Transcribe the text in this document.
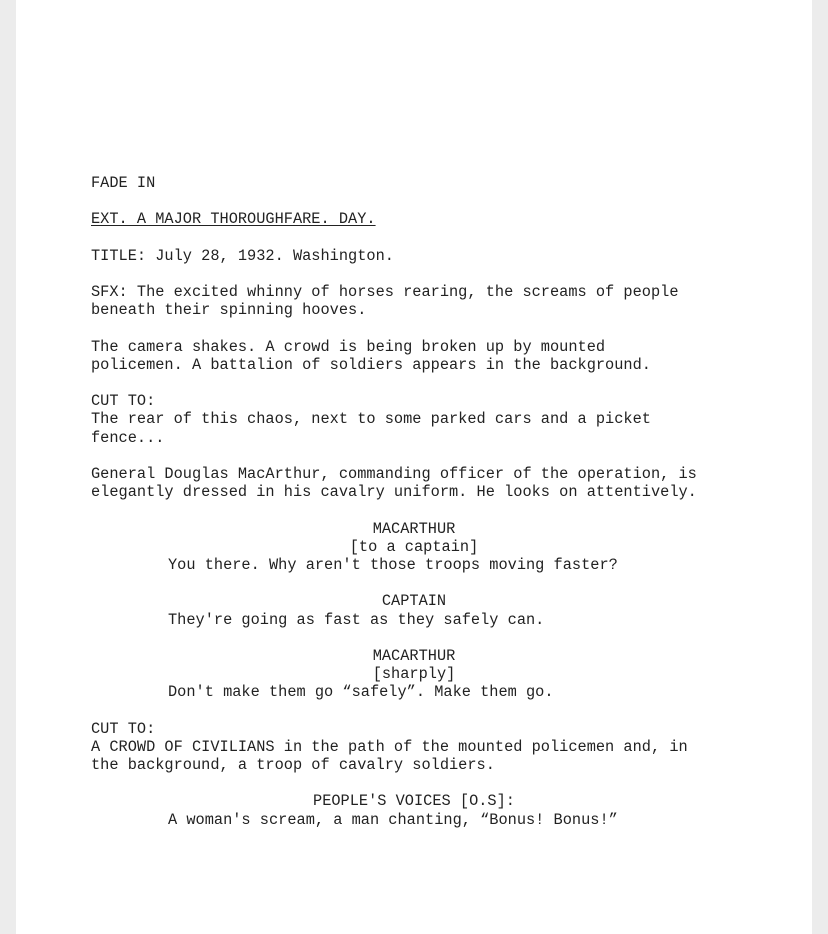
FADE IN
EXT. A MAJOR THOROUGHFARE. DAY.
TITLE: July 28, 1932. Washington.
SFX: The excited whinny of horses rearing, the screams of people
beneath their spinning hooves.
The camera shakes. A crowd is being broken up by mounted
policemen. A battalion of soldiers appears in the background.
CUT TO:
The rear of this chaos, next to some parked cars and a picket
fence...
General Douglas MacArthur, commanding officer of the operation, is
elegantly dressed in his cavalry uniform. He looks on attentively.
MACARTHUR
[to a captain]
You there. Why aren't those troops moving faster?
CAPTAIN
They're going as fast as they safely can.
MACARTHUR
[sharply]
Don't make them go “safely”. Make them go.
CUT TO:
A CROWD OF CIVILIANS in the path of the mounted policemen and, in
the background, a troop of cavalry soldiers.
PEOPLE'S VOICES [O.S]:
A woman's scream, a man chanting, “Bonus! Bonus!”
